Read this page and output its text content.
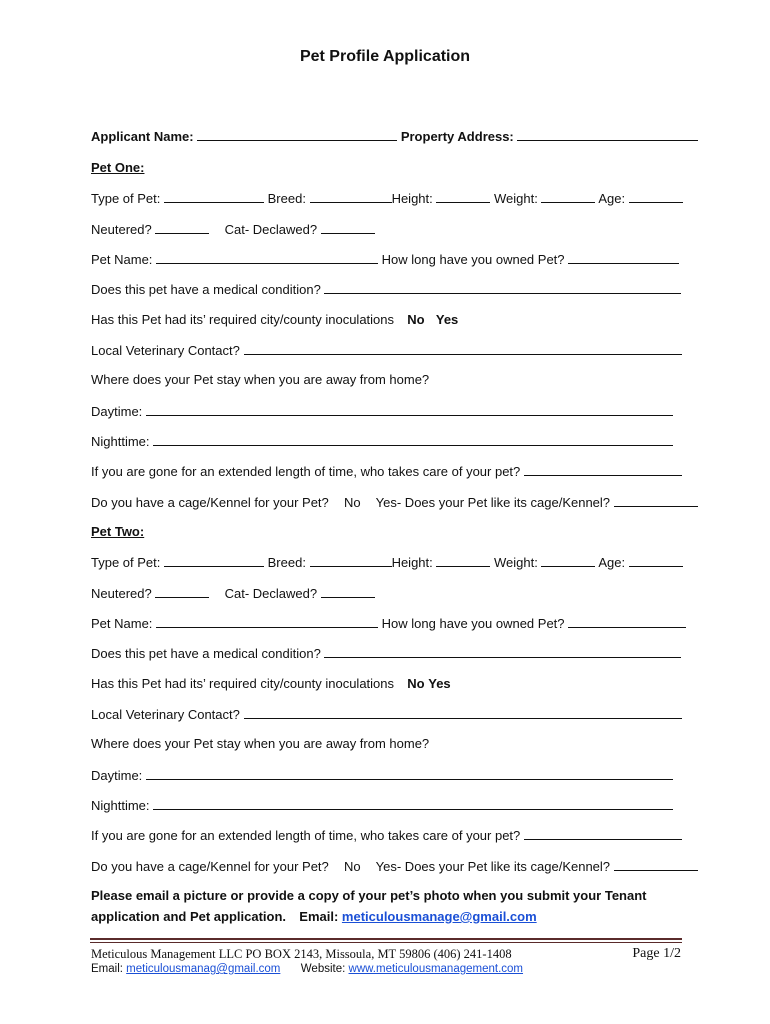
Pet Profile Application
Applicant Name:	Property Address:
Pet One:
Type of Pet:	Breed:	Height:	Weight:	Age:
Neutered?	Cat- Declawed?
Pet Name:	How long have you owned Pet?
Does this pet have a medical condition?
Has this Pet had its’ required city/county inoculations No Yes
Local Veterinary Contact?
Where does your Pet stay when you are away from home?
Daytime:
Nighttime:
If you are gone for an extended length of time, who takes care of your pet?
Do you have a cage/Kennel for your Pet? No Yes- Does your Pet like its cage/Kennel?
Pet Two:
Type of Pet:	Breed:	Height:	Weight:	Age:
Neutered?	Cat- Declawed?
Pet Name:	How long have you owned Pet?
Does this pet have a medical condition?
Has this Pet had its’ required city/county inoculations No Yes
Local Veterinary Contact?
Where does your Pet stay when you are away from home?
Daytime:
Nighttime:
If you are gone for an extended length of time, who takes care of your pet?
Do you have a cage/Kennel for your Pet? No Yes- Does your Pet like its cage/Kennel?
Please email a picture or provide a copy of your pet’s photo when you submit your Tenant application and Pet application. Email: meticulousmanage@gmail.com
Meticulous Management LLC PO BOX 2143, Missoula, MT 59806 (406) 241-1408	Page 1/2
Email: meticulousmanag@gmail.com Website: www.meticulousmanagement.com
